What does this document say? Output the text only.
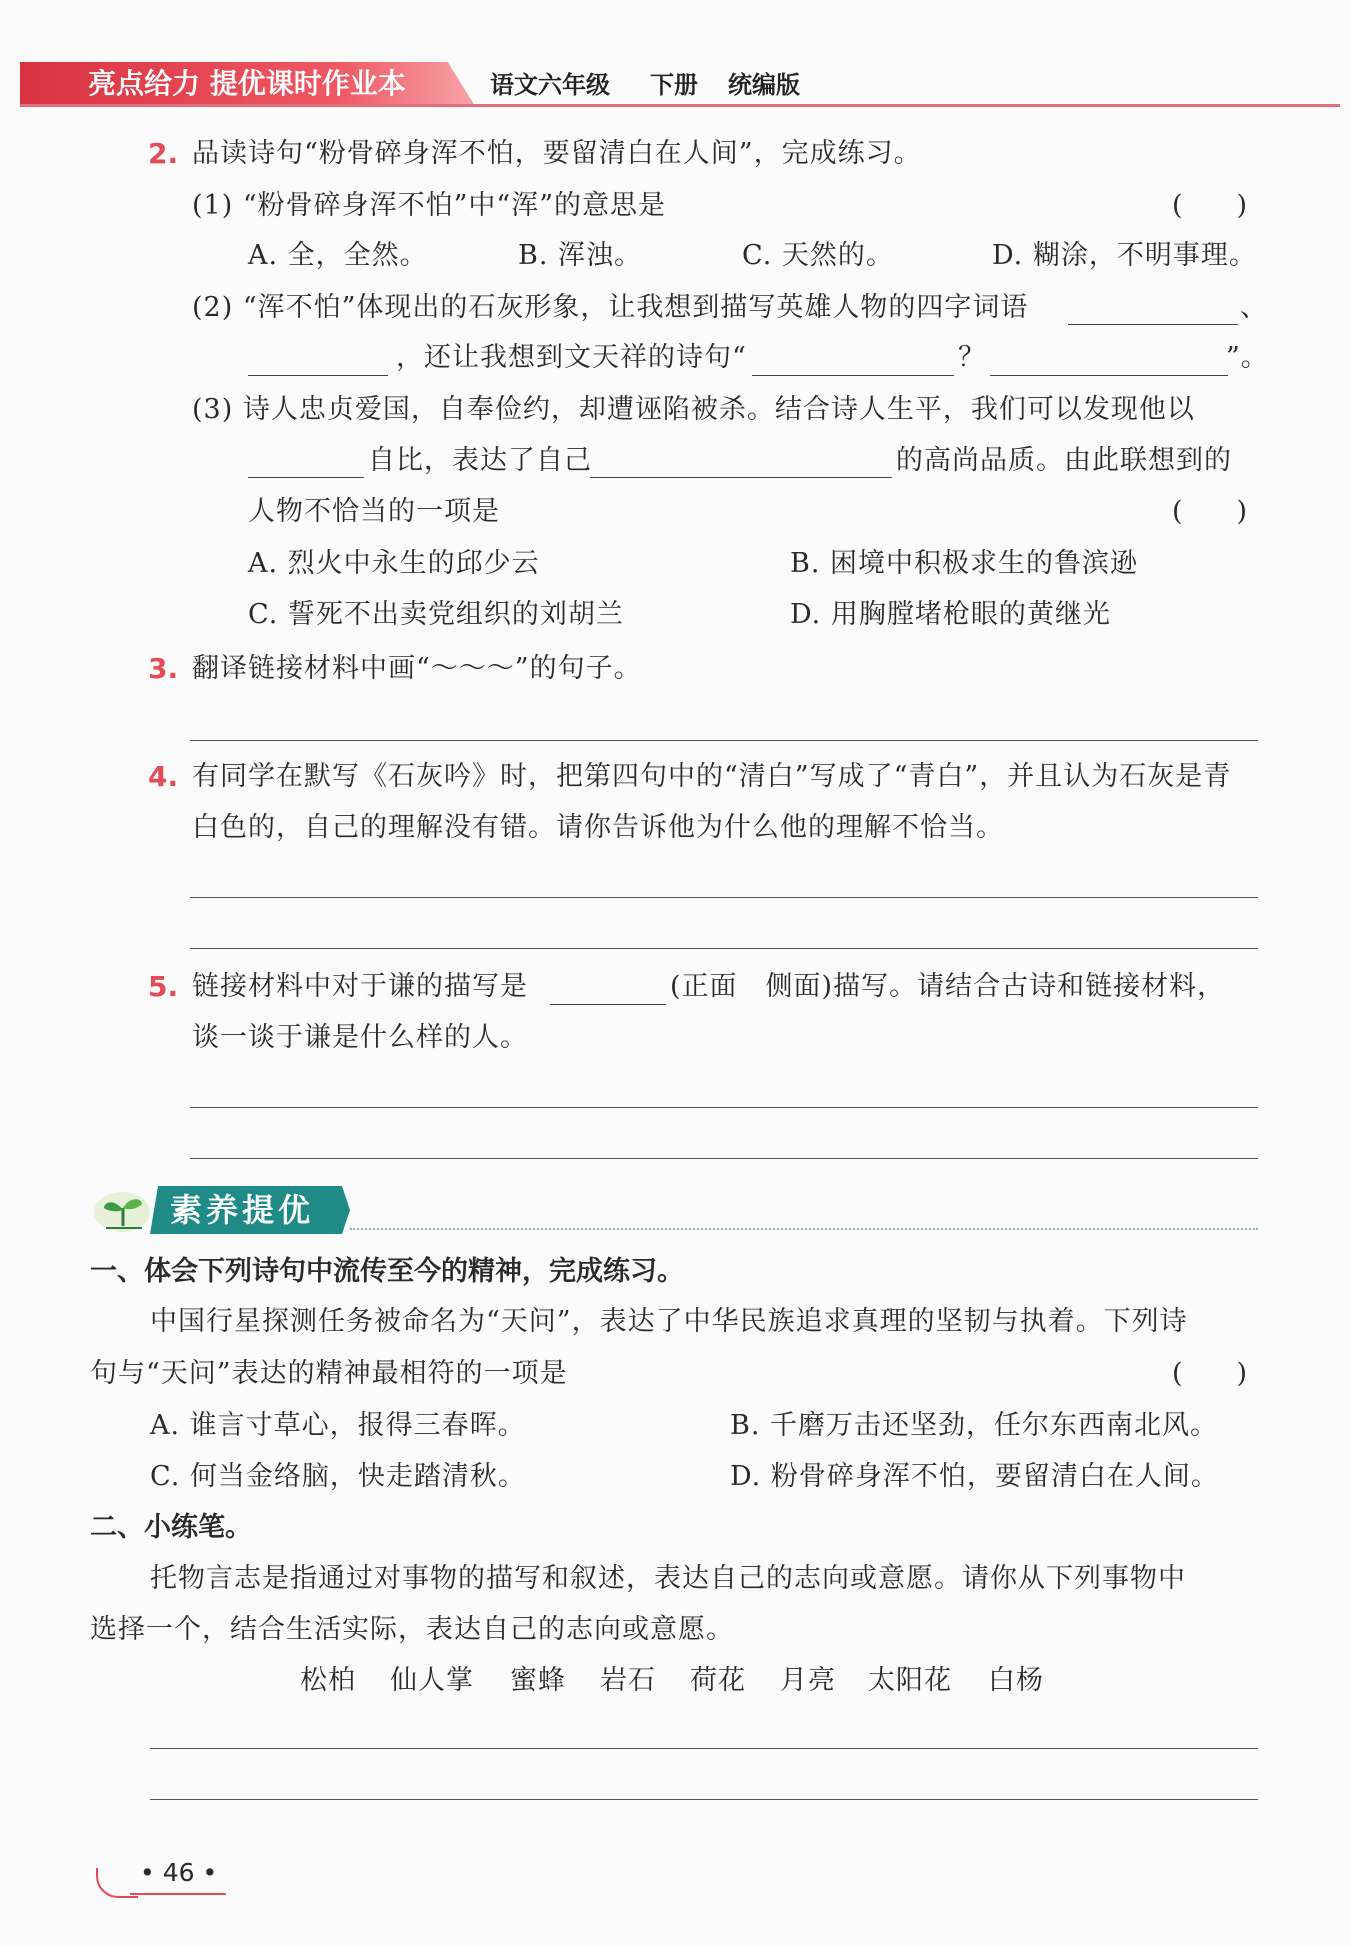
亮点给力 提优课时作业本	语文六年级 下册 统编版
2. 品读诗句“粉骨碎身浑不怕，要留清白在人间”，完成练习。
(1) “粉骨碎身浑不怕”中“浑”的意思是	(　　)
A. 全，全然。	B. 浑浊。	C. 天然的。	D. 糊涂，不明事理。
(2) “浑不怕”体现出的石灰形象，让我想到描写英雄人物的四字词语	、
，还让我想到文天祥的诗句“	？	”。
(3) 诗人忠贞爱国，自奉俭约，却遭诬陷被杀。结合诗人生平，我们可以发现他以
自比，表达了自己	的高尚品质。由此联想到的
人物不恰当的一项是	(　　)
A. 烈火中永生的邱少云	B. 困境中积极求生的鲁滨逊
C. 誓死不出卖党组织的刘胡兰	D. 用胸膛堵枪眼的黄继光
3. 翻译链接材料中画“～～～”的句子。
4. 有同学在默写《石灰吟》时，把第四句中的“清白”写成了“青白”，并且认为石灰是青
白色的，自己的理解没有错。请你告诉他为什么他的理解不恰当。
5. 链接材料中对于谦的描写是	(正面　侧面)描写。请结合古诗和链接材料，
谈一谈于谦是什么样的人。
素养提优
一、体会下列诗句中流传至今的精神，完成练习。
中国行星探测任务被命名为“天问”，表达了中华民族追求真理的坚韧与执着。下列诗
句与“天问”表达的精神最相符的一项是	(　　)
A. 谁言寸草心，报得三春晖。	B. 千磨万击还坚劲，任尔东西南北风。
C. 何当金络脑，快走踏清秋。	D. 粉骨碎身浑不怕，要留清白在人间。
二、小练笔。
托物言志是指通过对事物的描写和叙述，表达自己的志向或意愿。请你从下列事物中
选择一个，结合生活实际，表达自己的志向或意愿。
松柏 仙人掌 蜜蜂 岩石 荷花 月亮 太阳花 白杨
• 46 •
